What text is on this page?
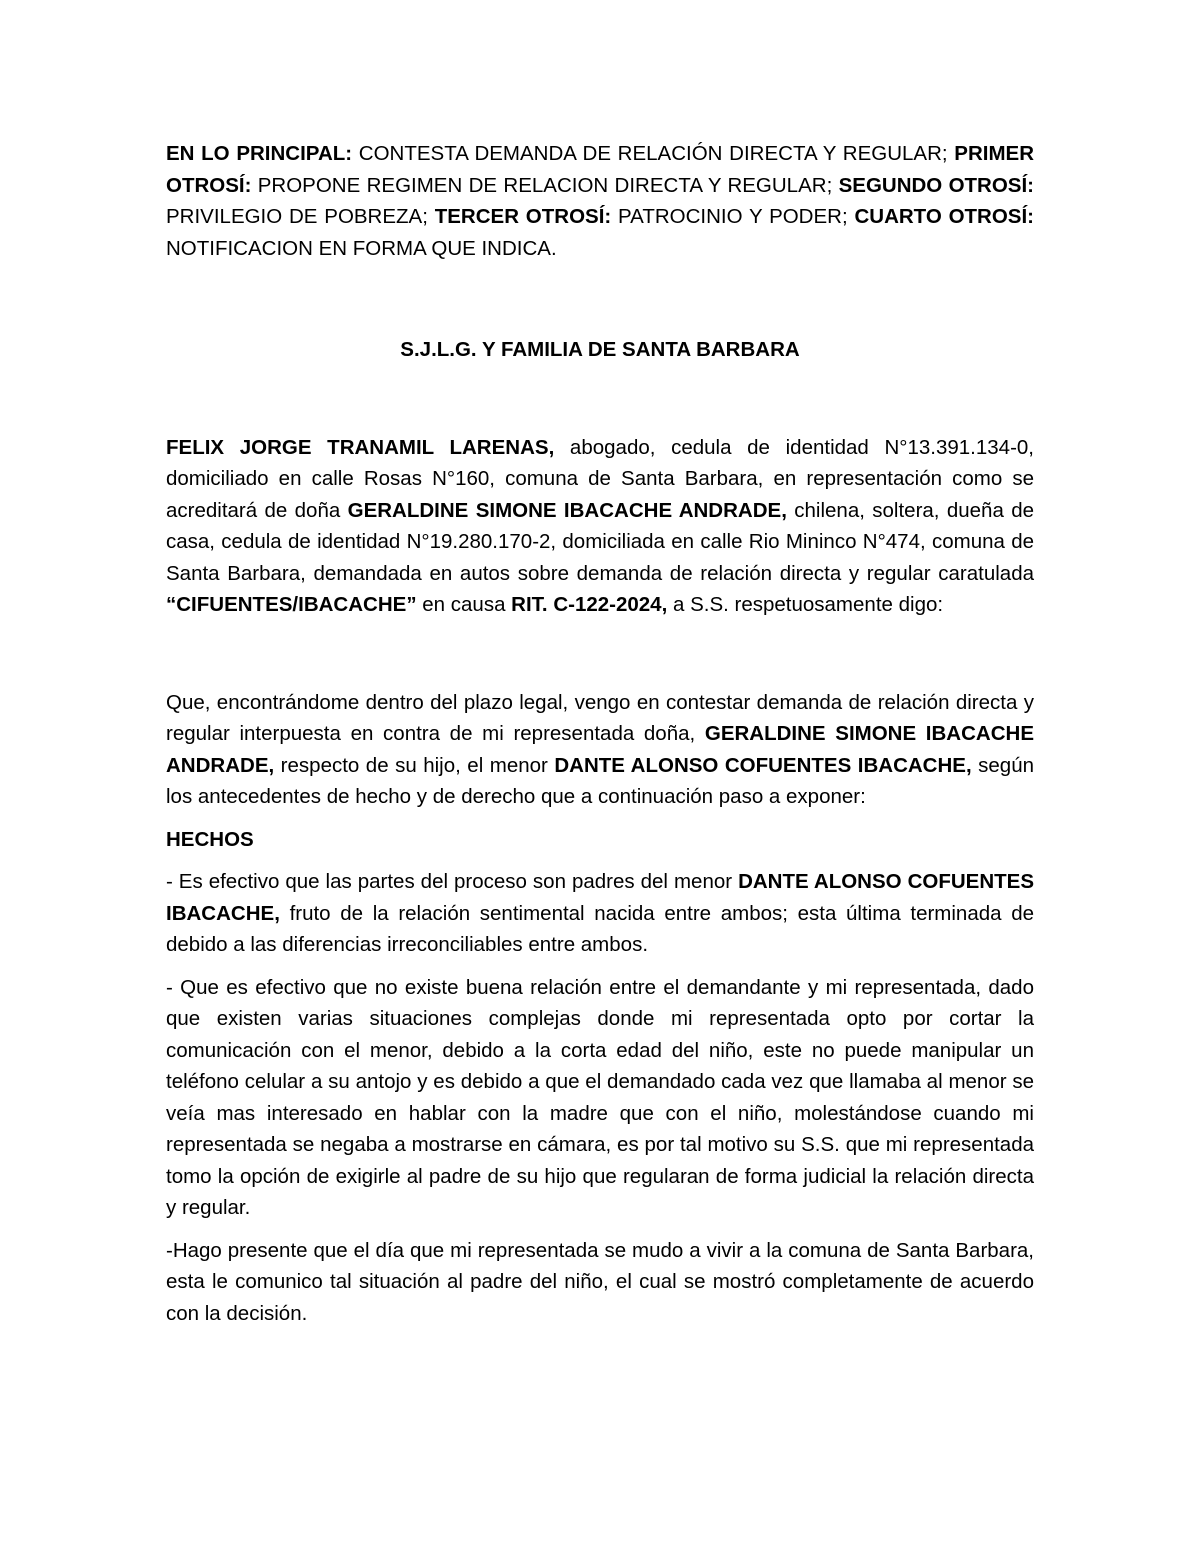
EN LO PRINCIPAL: CONTESTA DEMANDA DE RELACIÓN DIRECTA Y REGULAR; PRIMER OTROSÍ: PROPONE REGIMEN DE RELACION DIRECTA Y REGULAR; SEGUNDO OTROSÍ: PRIVILEGIO DE POBREZA; TERCER OTROSÍ: PATROCINIO Y PODER; CUARTO OTROSÍ: NOTIFICACION EN FORMA QUE INDICA.

S.J.L.G. Y FAMILIA DE SANTA BARBARA

FELIX JORGE TRANAMIL LARENAS, abogado, cedula de identidad N°13.391.134-0, domiciliado en calle Rosas N°160, comuna de Santa Barbara, en representación como se acreditará de doña GERALDINE SIMONE IBACACHE ANDRADE, chilena, soltera, dueña de casa, cedula de identidad N°19.280.170-2, domiciliada en calle Rio Mininco N°474, comuna de Santa Barbara, demandada en autos sobre demanda de relación directa y regular caratulada “CIFUENTES/IBACACHE” en causa RIT. C-122-2024, a S.S. respetuosamente digo:

Que, encontrándome dentro del plazo legal, vengo en contestar demanda de relación directa y regular interpuesta en contra de mi representada doña, GERALDINE SIMONE IBACACHE ANDRADE, respecto de su hijo, el menor DANTE ALONSO COFUENTES IBACACHE, según los antecedentes de hecho y de derecho que a continuación paso a exponer:

HECHOS

- Es efectivo que las partes del proceso son padres del menor DANTE ALONSO COFUENTES IBACACHE, fruto de la relación sentimental nacida entre ambos; esta última terminada de debido a las diferencias irreconciliables entre ambos.

- Que es efectivo que no existe buena relación entre el demandante y mi representada, dado que existen varias situaciones complejas donde mi representada opto por cortar la comunicación con el menor, debido a la corta edad del niño, este no puede manipular un teléfono celular a su antojo y es debido a que el demandado cada vez que llamaba al menor se veía mas interesado en hablar con la madre que con el niño, molestándose cuando mi representada se negaba a mostrarse en cámara, es por tal motivo su S.S. que mi representada tomo la opción de exigirle al padre de su hijo que regularan de forma judicial la relación directa y regular.

-Hago presente que el día que mi representada se mudo a vivir a la comuna de Santa Barbara, esta le comunico tal situación al padre del niño, el cual se mostró completamente de acuerdo con la decisión.
